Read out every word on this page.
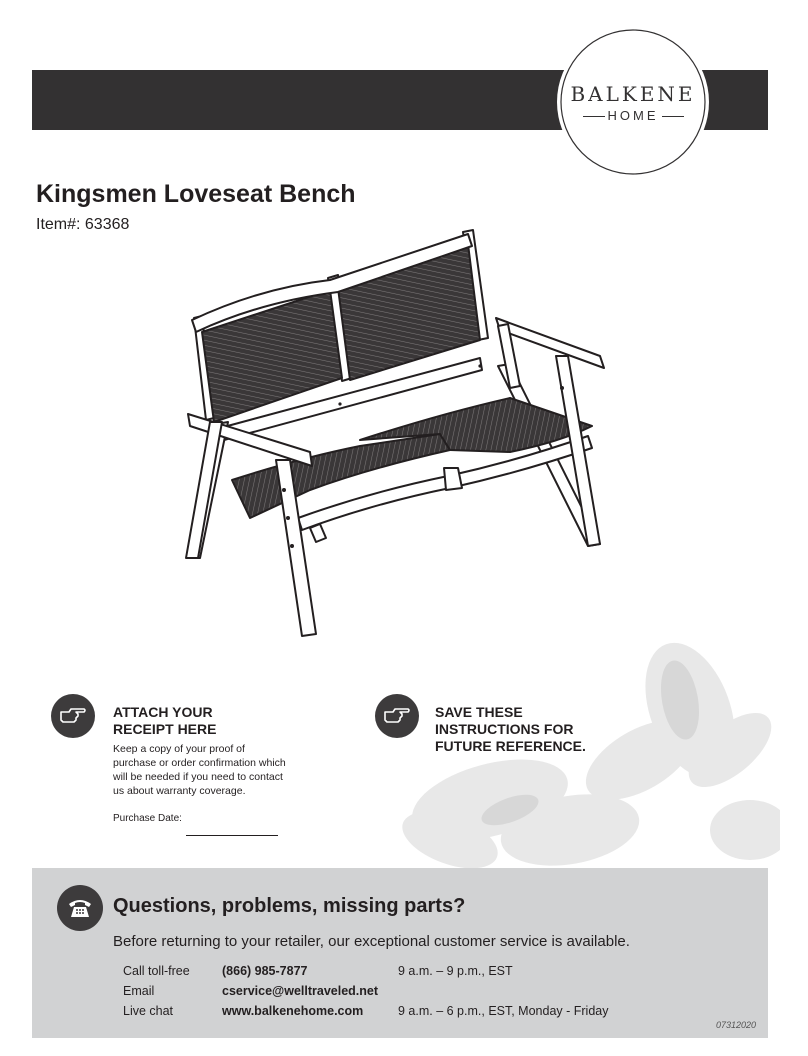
BALKENE
HOME
Kingsmen Loveseat Bench
Item#: 63368
ATTACH YOUR
RECEIPT HERE
Keep a copy of your proof of
purchase or order confirmation which
will be needed if you need to contact
us about warranty coverage.
Purchase Date:
SAVE THESE
INSTRUCTIONS FOR
FUTURE REFERENCE.
Questions, problems, missing parts?
Before returning to your retailer, our exceptional customer service is available.
Call toll-free	(866) 985-7877	9 a.m. – 9 p.m., EST
Email	cservice@welltraveled.net
Live chat	www.balkenehome.com	9 a.m. – 6 p.m., EST, Monday - Friday
07312020
